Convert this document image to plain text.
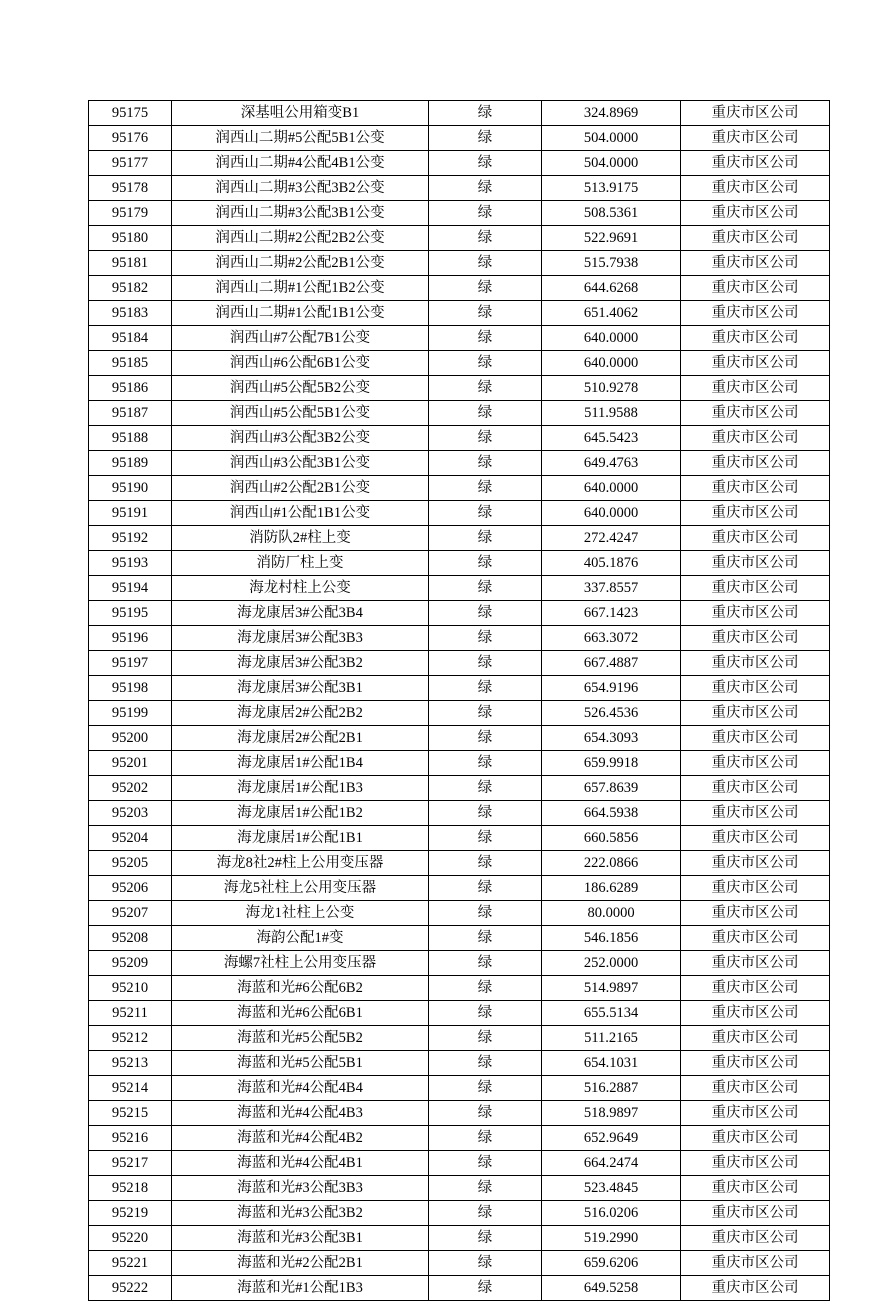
95175	深基咀公用箱变B1	绿	324.8969	重庆市区公司
95176	润西山二期#5公配5B1公变	绿	504.0000	重庆市区公司
95177	润西山二期#4公配4B1公变	绿	504.0000	重庆市区公司
95178	润西山二期#3公配3B2公变	绿	513.9175	重庆市区公司
95179	润西山二期#3公配3B1公变	绿	508.5361	重庆市区公司
95180	润西山二期#2公配2B2公变	绿	522.9691	重庆市区公司
95181	润西山二期#2公配2B1公变	绿	515.7938	重庆市区公司
95182	润西山二期#1公配1B2公变	绿	644.6268	重庆市区公司
95183	润西山二期#1公配1B1公变	绿	651.4062	重庆市区公司
95184	润西山#7公配7B1公变	绿	640.0000	重庆市区公司
95185	润西山#6公配6B1公变	绿	640.0000	重庆市区公司
95186	润西山#5公配5B2公变	绿	510.9278	重庆市区公司
95187	润西山#5公配5B1公变	绿	511.9588	重庆市区公司
95188	润西山#3公配3B2公变	绿	645.5423	重庆市区公司
95189	润西山#3公配3B1公变	绿	649.4763	重庆市区公司
95190	润西山#2公配2B1公变	绿	640.0000	重庆市区公司
95191	润西山#1公配1B1公变	绿	640.0000	重庆市区公司
95192	消防队2#柱上变	绿	272.4247	重庆市区公司
95193	消防厂柱上变	绿	405.1876	重庆市区公司
95194	海龙村柱上公变	绿	337.8557	重庆市区公司
95195	海龙康居3#公配3B4	绿	667.1423	重庆市区公司
95196	海龙康居3#公配3B3	绿	663.3072	重庆市区公司
95197	海龙康居3#公配3B2	绿	667.4887	重庆市区公司
95198	海龙康居3#公配3B1	绿	654.9196	重庆市区公司
95199	海龙康居2#公配2B2	绿	526.4536	重庆市区公司
95200	海龙康居2#公配2B1	绿	654.3093	重庆市区公司
95201	海龙康居1#公配1B4	绿	659.9918	重庆市区公司
95202	海龙康居1#公配1B3	绿	657.8639	重庆市区公司
95203	海龙康居1#公配1B2	绿	664.5938	重庆市区公司
95204	海龙康居1#公配1B1	绿	660.5856	重庆市区公司
95205	海龙8社2#柱上公用变压器	绿	222.0866	重庆市区公司
95206	海龙5社柱上公用变压器	绿	186.6289	重庆市区公司
95207	海龙1社柱上公变	绿	80.0000	重庆市区公司
95208	海韵公配1#变	绿	546.1856	重庆市区公司
95209	海螺7社柱上公用变压器	绿	252.0000	重庆市区公司
95210	海蓝和光#6公配6B2	绿	514.9897	重庆市区公司
95211	海蓝和光#6公配6B1	绿	655.5134	重庆市区公司
95212	海蓝和光#5公配5B2	绿	511.2165	重庆市区公司
95213	海蓝和光#5公配5B1	绿	654.1031	重庆市区公司
95214	海蓝和光#4公配4B4	绿	516.2887	重庆市区公司
95215	海蓝和光#4公配4B3	绿	518.9897	重庆市区公司
95216	海蓝和光#4公配4B2	绿	652.9649	重庆市区公司
95217	海蓝和光#4公配4B1	绿	664.2474	重庆市区公司
95218	海蓝和光#3公配3B3	绿	523.4845	重庆市区公司
95219	海蓝和光#3公配3B2	绿	516.0206	重庆市区公司
95220	海蓝和光#3公配3B1	绿	519.2990	重庆市区公司
95221	海蓝和光#2公配2B1	绿	659.6206	重庆市区公司
95222	海蓝和光#1公配1B3	绿	649.5258	重庆市区公司
